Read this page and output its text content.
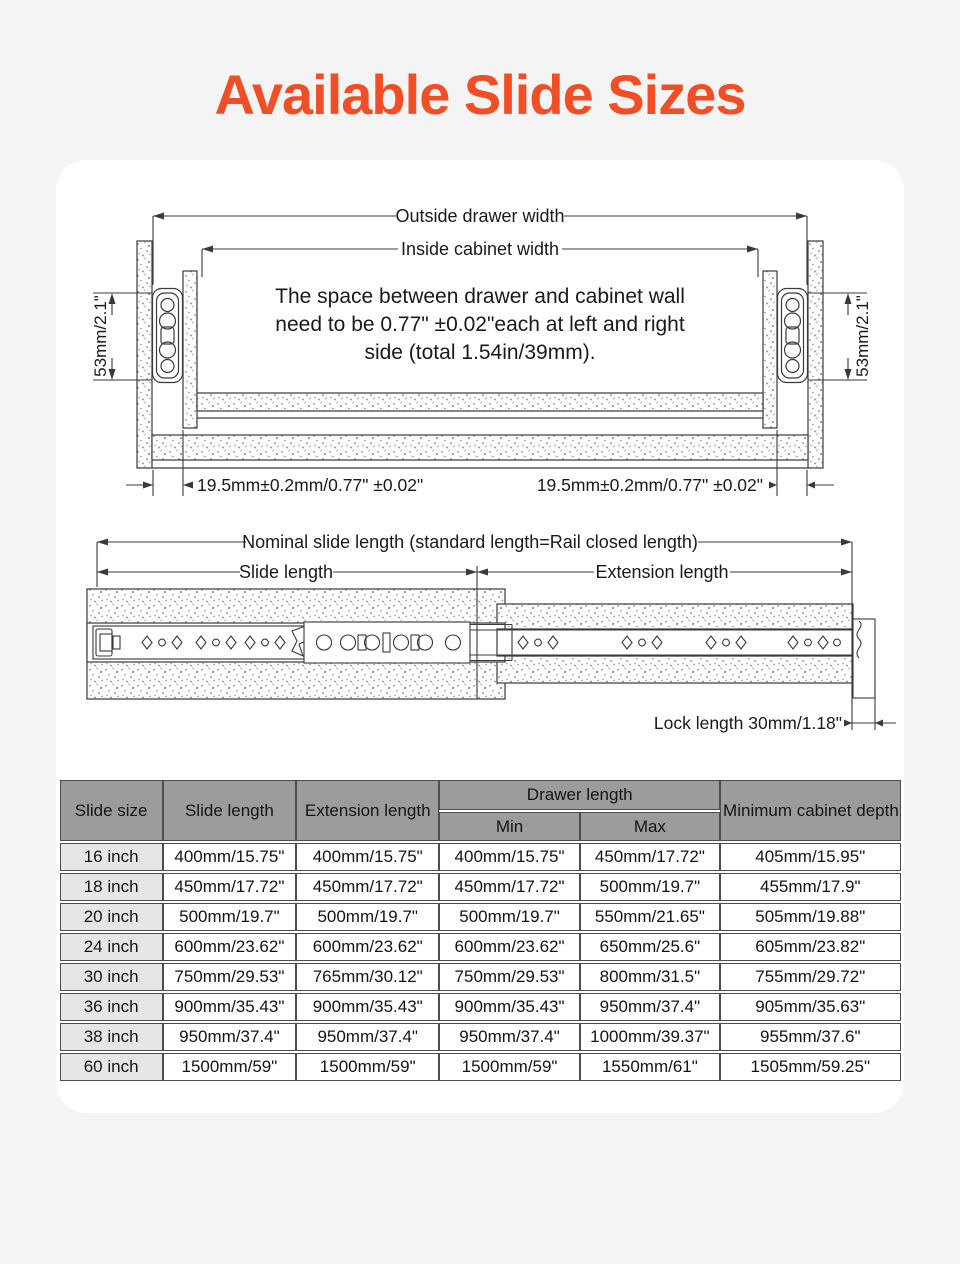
Available Slide Sizes
Outside drawer width
Inside cabinet width
The space between drawer and cabinet wall
need to be 0.77" ±0.02"each at left and right
side (total 1.54in/39mm).
53mm/2.1"	53mm/2.1"
19.5mm±0.2mm/0.77" ±0.02"	19.5mm±0.2mm/0.77" ±0.02"
Nominal slide length (standard length=Rail closed length)
Slide length	Extension length
Lock length 30mm/1.18"
Slide size	Slide length	Extension length	Drawer length		Minimum cabinet depth
			Min	Max	
16 inch	400mm/15.75"	400mm/15.75"	400mm/15.75"	450mm/17.72"	405mm/15.95"
18 inch	450mm/17.72"	450mm/17.72"	450mm/17.72"	500mm/19.7"	455mm/17.9"
20 inch	500mm/19.7"	500mm/19.7"	500mm/19.7"	550mm/21.65"	505mm/19.88"
24 inch	600mm/23.62"	600mm/23.62"	600mm/23.62"	650mm/25.6"	605mm/23.82"
30 inch	750mm/29.53"	765mm/30.12"	750mm/29.53"	800mm/31.5"	755mm/29.72"
36 inch	900mm/35.43"	900mm/35.43"	900mm/35.43"	950mm/37.4"	905mm/35.63"
38 inch	950mm/37.4"	950mm/37.4"	950mm/37.4"	1000mm/39.37"	955mm/37.6"
60 inch	1500mm/59"	1500mm/59"	1500mm/59"	1550mm/61"	1505mm/59.25"
